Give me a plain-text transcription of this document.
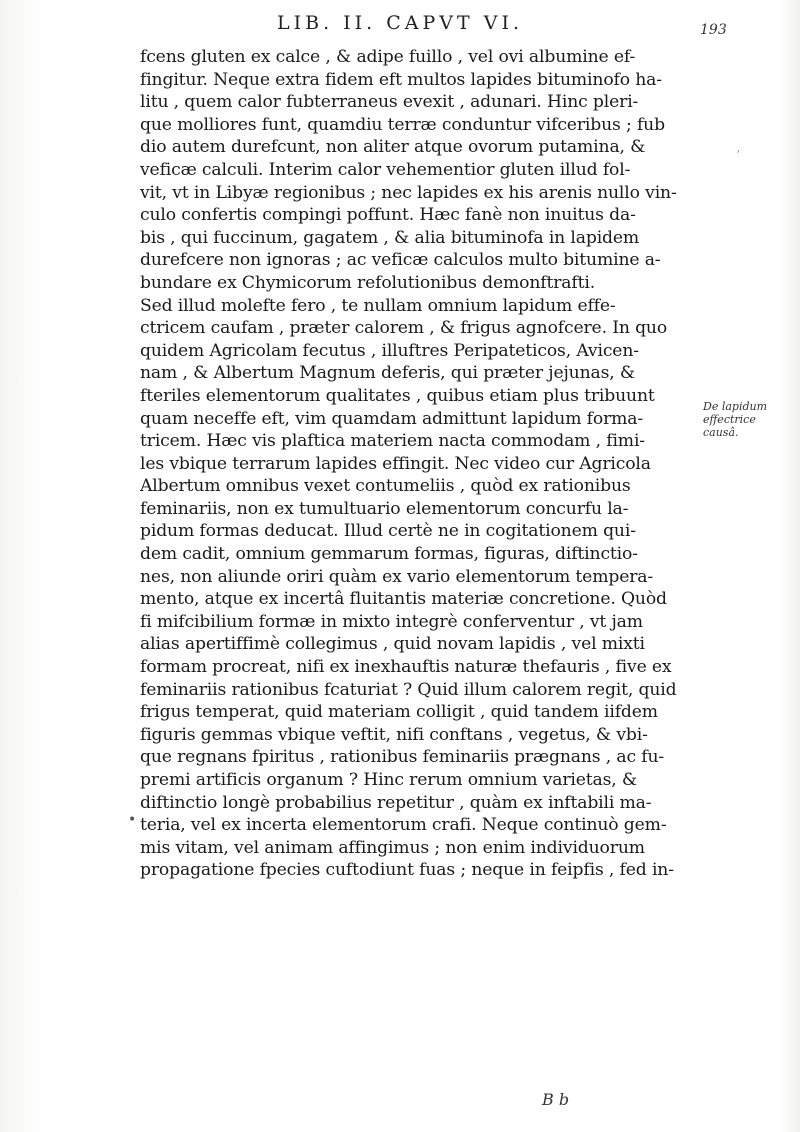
LIB. II. CAPVT VI.	193
ʼ
fcens gluten ex calce , & adipe fuillo , vel ovi albumine ef-
fingitur. Neque extra fidem eft multos lapides bituminofo ha-
litu , quem calor fubterraneus evexit , adunari. Hinc pleri-
que molliores funt, quamdiu terræ conduntur vifceribus ; fub
dio autem durefcunt, non aliter atque ovorum putamina, &
veficæ calculi. Interim calor vehementior gluten illud fol-
vit, vt in Libyæ regionibus ; nec lapides ex his arenis nullo vin-
culo confertis compingi poffunt. Hæc fanè non inuitus da-
bis , qui fuccinum, gagatem , & alia bituminofa in lapidem
durefcere non ignoras ; ac veficæ calculos multo bitumine a-
bundare ex Chymicorum refolutionibus demonftrafti.
Sed illud molefte fero , te nullam omnium lapidum effe-
ctricem caufam , præter calorem , & frigus agnofcere. In quo
quidem Agricolam fecutus , illuftres Peripateticos, Avicen-
nam , & Albertum Magnum deferis, qui præter jejunas, &
fteriles elementorum qualitates , quibus etiam plus tribuunt
quam neceffe eft, vim quamdam admittunt lapidum forma-
tricem. Hæc vis plaftica materiem nacta commodam , fimi-
les vbique terrarum lapides effingit. Nec video cur Agricola
Albertum omnibus vexet contumeliis , quòd ex rationibus
feminariis, non ex tumultuario elementorum concurfu la-
pidum formas deducat. Illud certè ne in cogitationem qui-
dem cadit, omnium gemmarum formas, figuras, diftinctio-
nes, non aliunde oriri quàm ex vario elementorum tempera-
mento, atque ex incertâ fluitantis materiæ concretione. Quòd
fi mifcibilium formæ in mixto integrè conferventur , vt jam
alias apertiffimè collegimus , quid novam lapidis , vel mixti
formam procreat, nifi ex inexhauftis naturæ thefauris , five ex
feminariis rationibus fcaturiat ? Quid illum calorem regit, quid
frigus temperat, quid materiam colligit , quid tandem iifdem
figuris gemmas vbique veftit, nifi conftans , vegetus, & vbi-
que regnans fpiritus , rationibus feminariis prægnans , ac fu-
premi artificis organum ? Hinc rerum omnium varietas, &
diftinctio longè probabilius repetitur , quàm ex inftabili ma-
teria, vel ex incerta elementorum crafi. Neque continuò gem-
mis vitam, vel animam affingimus ; non enim individuorum
propagatione fpecies cuftodiunt fuas ; neque in feipfis , fed in-
•
De lapidum
effectrice
causâ.
B b
